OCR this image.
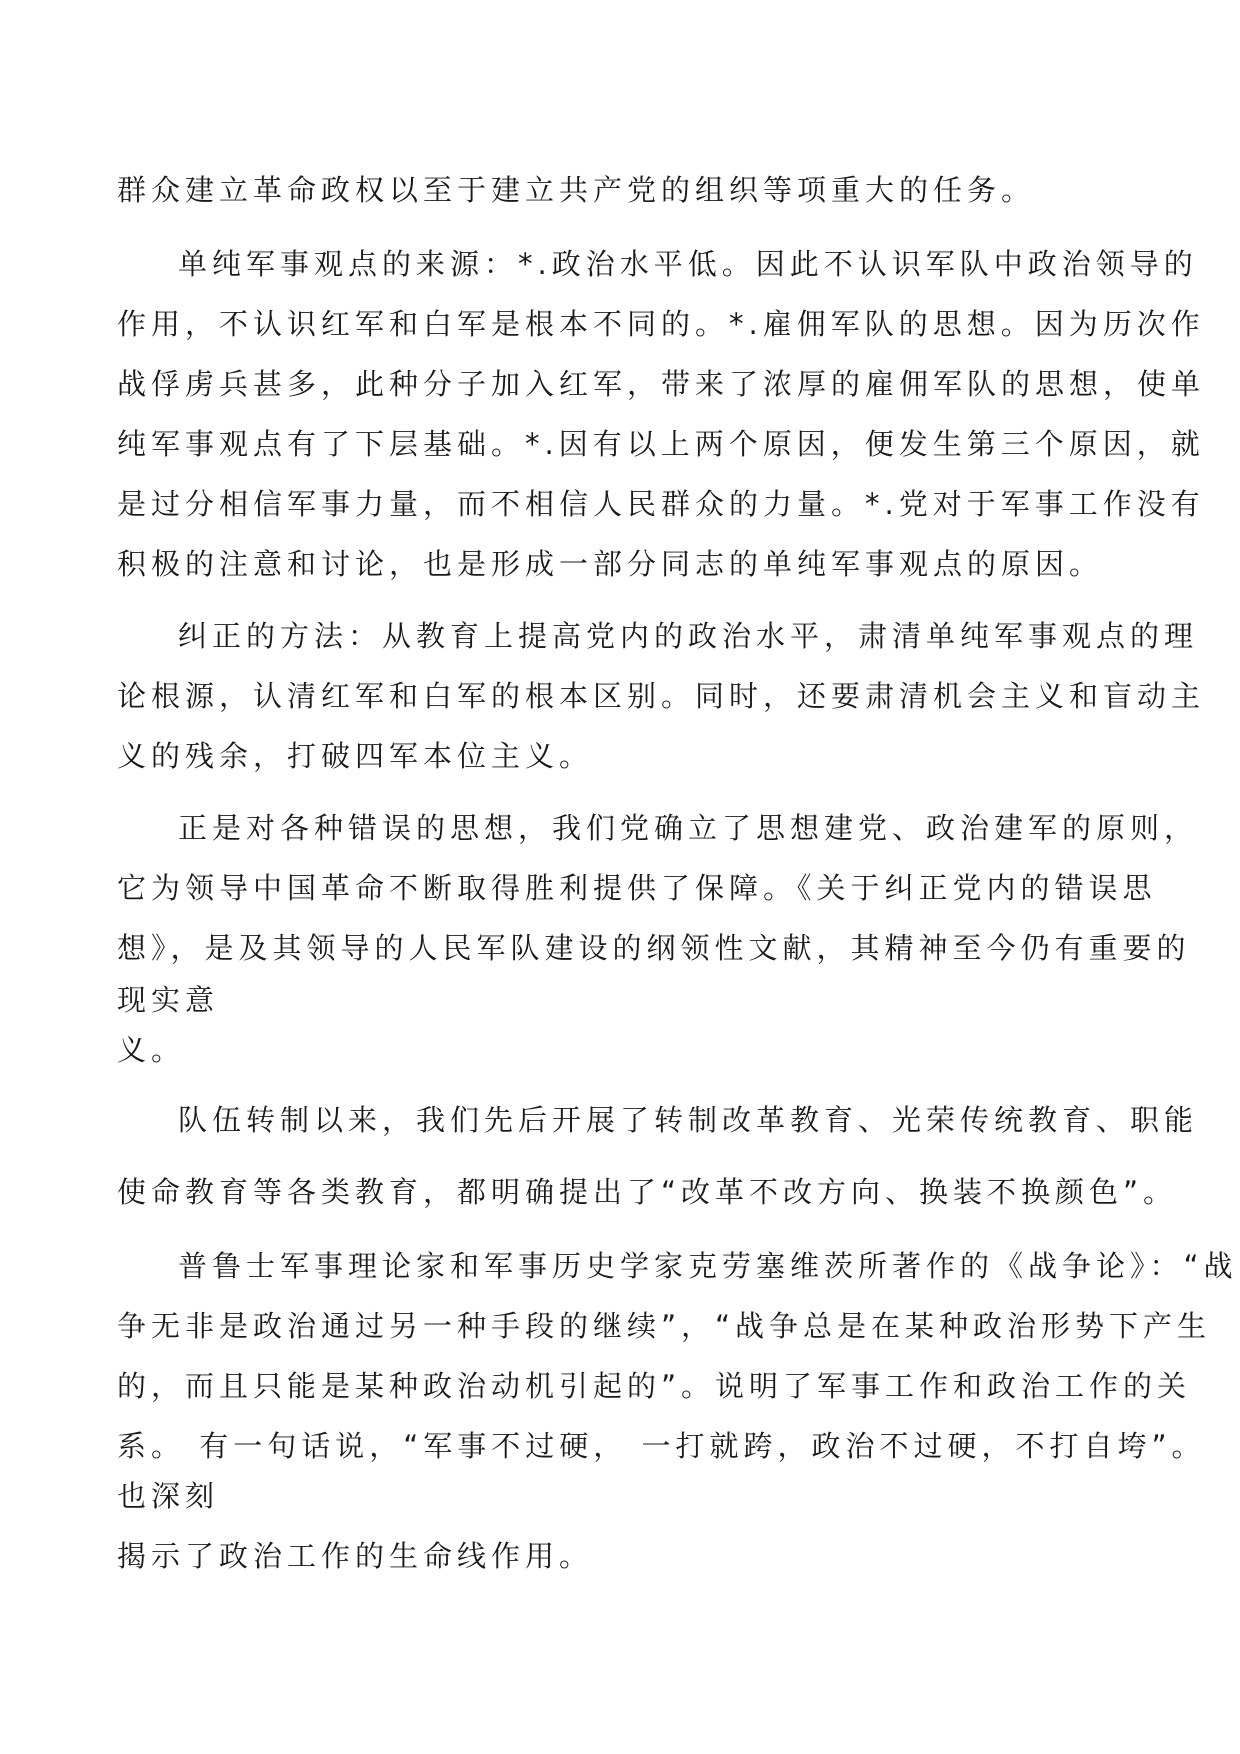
群众建立革命政权以至于建立共产党的组织等项重大的任务。

单纯军事观点的来源：*.政治水平低。因此不认识军队中政治领导的

作用，不认识红军和白军是根本不同的。*.雇佣军队的思想。因为历次作

战俘虏兵甚多，此种分子加入红军，带来了浓厚的雇佣军队的思想，使单

纯军事观点有了下层基础。*.因有以上两个原因，便发生第三个原因，就

是过分相信军事力量，而不相信人民群众的力量。*.党对于军事工作没有

积极的注意和讨论，也是形成一部分同志的单纯军事观点的原因。

纠正的方法：从教育上提高党内的政治水平，肃清单纯军事观点的理

论根源，认清红军和白军的根本区别。同时，还要肃清机会主义和盲动主

义的残余，打破四军本位主义。

正是对各种错误的思想，我们党确立了思想建党、政治建军的原则，

它为领导中国革命不断取得胜利提供了保障。《关于纠正党内的错误思

想》，是及其领导的人民军队建设的纲领性文献，其精神至今仍有重要的

现实意

义。

队伍转制以来，我们先后开展了转制改革教育、光荣传统教育、职能

使命教育等各类教育，都明确提出了“改革不改方向、换装不换颜色”。

普鲁士军事理论家和军事历史学家克劳塞维茨所著作的《战争论》：“战

争无非是政治通过另一种手段的继续”，“战争总是在某种政治形势下产生

的，而且只能是某种政治动机引起的”。说明了军事工作和政治工作的关

系。 有一句话说，“军事不过硬， 一打就跨，政治不过硬，不打自垮”。

也深刻

揭示了政治工作的生命线作用。
